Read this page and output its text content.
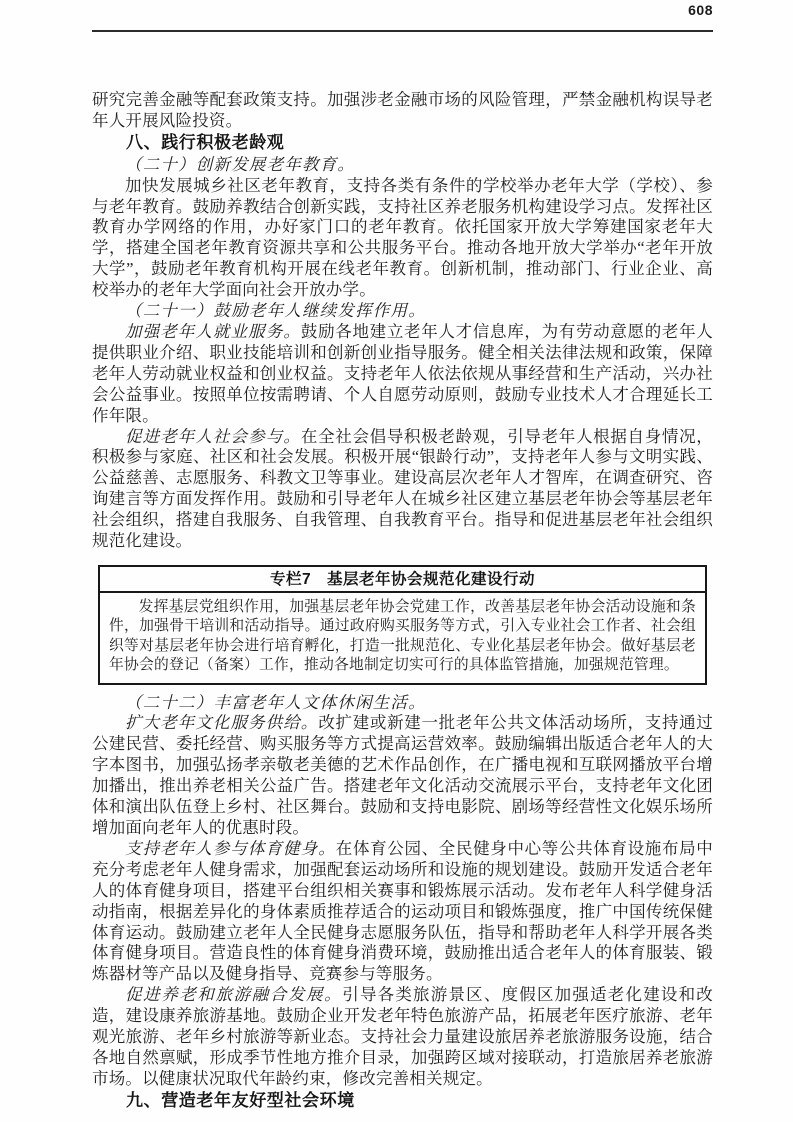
608

研究完善金融等配套政策支持。加强涉老金融市场的风险管理，严禁金融机构误导老年人开展风险投资。

八、践行积极老龄观

（二十）创新发展老年教育。

加快发展城乡社区老年教育，支持各类有条件的学校举办老年大学（学校）、参与老年教育。鼓励养教结合创新实践，支持社区养老服务机构建设学习点。发挥社区教育办学网络的作用，办好家门口的老年教育。依托国家开放大学筹建国家老年大学，搭建全国老年教育资源共享和公共服务平台。推动各地开放大学举办“老年开放大学”，鼓励老年教育机构开展在线老年教育。创新机制，推动部门、行业企业、高校举办的老年大学面向社会开放办学。

（二十一）鼓励老年人继续发挥作用。

加强老年人就业服务。鼓励各地建立老年人才信息库，为有劳动意愿的老年人提供职业介绍、职业技能培训和创新创业指导服务。健全相关法律法规和政策，保障老年人劳动就业权益和创业权益。支持老年人依法依规从事经营和生产活动，兴办社会公益事业。按照单位按需聘请、个人自愿劳动原则，鼓励专业技术人才合理延长工作年限。

促进老年人社会参与。在全社会倡导积极老龄观，引导老年人根据自身情况，积极参与家庭、社区和社会发展。积极开展“银龄行动”，支持老年人参与文明实践、公益慈善、志愿服务、科教文卫等事业。建设高层次老年人才智库，在调查研究、咨询建言等方面发挥作用。鼓励和引导老年人在城乡社区建立基层老年协会等基层老年社会组织，搭建自我服务、自我管理、自我教育平台。指导和促进基层老年社会组织规范化建设。

专栏7　基层老年协会规范化建设行动

发挥基层党组织作用，加强基层老年协会党建工作，改善基层老年协会活动设施和条件，加强骨干培训和活动指导。通过政府购买服务等方式，引入专业社会工作者、社会组织等对基层老年协会进行培育孵化，打造一批规范化、专业化基层老年协会。做好基层老年协会的登记（备案）工作，推动各地制定切实可行的具体监管措施，加强规范管理。

（二十二）丰富老年人文体休闲生活。

扩大老年文化服务供给。改扩建或新建一批老年公共文体活动场所，支持通过公建民营、委托经营、购买服务等方式提高运营效率。鼓励编辑出版适合老年人的大字本图书，加强弘扬孝亲敬老美德的艺术作品创作，在广播电视和互联网播放平台增加播出，推出养老相关公益广告。搭建老年文化活动交流展示平台，支持老年文化团体和演出队伍登上乡村、社区舞台。鼓励和支持电影院、剧场等经营性文化娱乐场所增加面向老年人的优惠时段。

支持老年人参与体育健身。在体育公园、全民健身中心等公共体育设施布局中充分考虑老年人健身需求，加强配套运动场所和设施的规划建设。鼓励开发适合老年人的体育健身项目，搭建平台组织相关赛事和锻炼展示活动。发布老年人科学健身活动指南，根据差异化的身体素质推荐适合的运动项目和锻炼强度，推广中国传统保健体育运动。鼓励建立老年人全民健身志愿服务队伍，指导和帮助老年人科学开展各类体育健身项目。营造良性的体育健身消费环境，鼓励推出适合老年人的体育服装、锻炼器材等产品以及健身指导、竞赛参与等服务。

促进养老和旅游融合发展。引导各类旅游景区、度假区加强适老化建设和改造，建设康养旅游基地。鼓励企业开发老年特色旅游产品，拓展老年医疗旅游、老年观光旅游、老年乡村旅游等新业态。支持社会力量建设旅居养老旅游服务设施，结合各地自然禀赋，形成季节性地方推介目录，加强跨区域对接联动，打造旅居养老旅游市场。以健康状况取代年龄约束，修改完善相关规定。

九、营造老年友好型社会环境
